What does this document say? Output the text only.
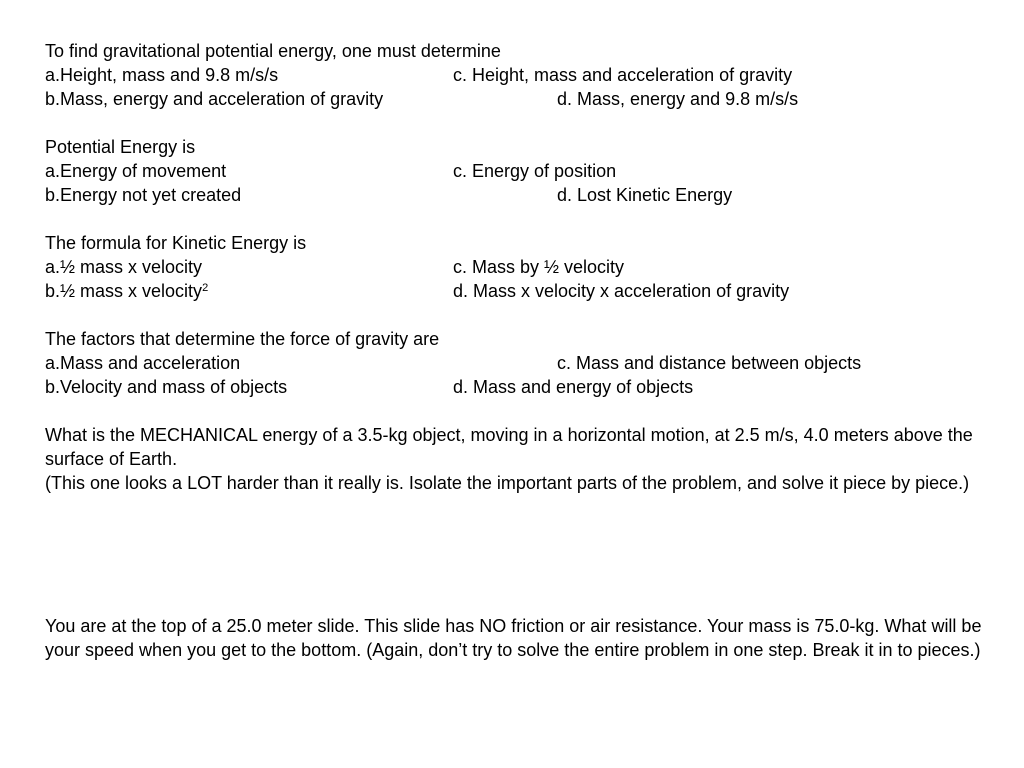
To find gravitational potential energy, one must determine
a.Height, mass and 9.8 m/s/s	c. Height, mass and acceleration of gravity
b.Mass, energy and acceleration of gravity	d. Mass, energy and 9.8 m/s/s
Potential Energy is
a.Energy of movement	c. Energy of position
b.Energy not yet created	d. Lost Kinetic Energy
The formula for Kinetic Energy is
a.½ mass x velocity	c. Mass by ½ velocity
b.½ mass x velocity$^2$	d. Mass x velocity x acceleration of gravity
The factors that determine the force of gravity are
a.Mass and acceleration	c. Mass and distance between objects
b.Velocity and mass of objects	d. Mass and energy of objects
What is the MECHANICAL energy of a 3.5-kg object, moving in a horizontal motion, at 2.5 m/s, 4.0 meters above the surface of Earth.
(This one looks a LOT harder than it really is. Isolate the important parts of the problem, and solve it piece by piece.)
You are at the top of a 25.0 meter slide. This slide has NO friction or air resistance. Your mass is 75.0-kg. What will be your speed when you get to the bottom. (Again, don’t try to solve the entire problem in one step. Break it in to pieces.)
